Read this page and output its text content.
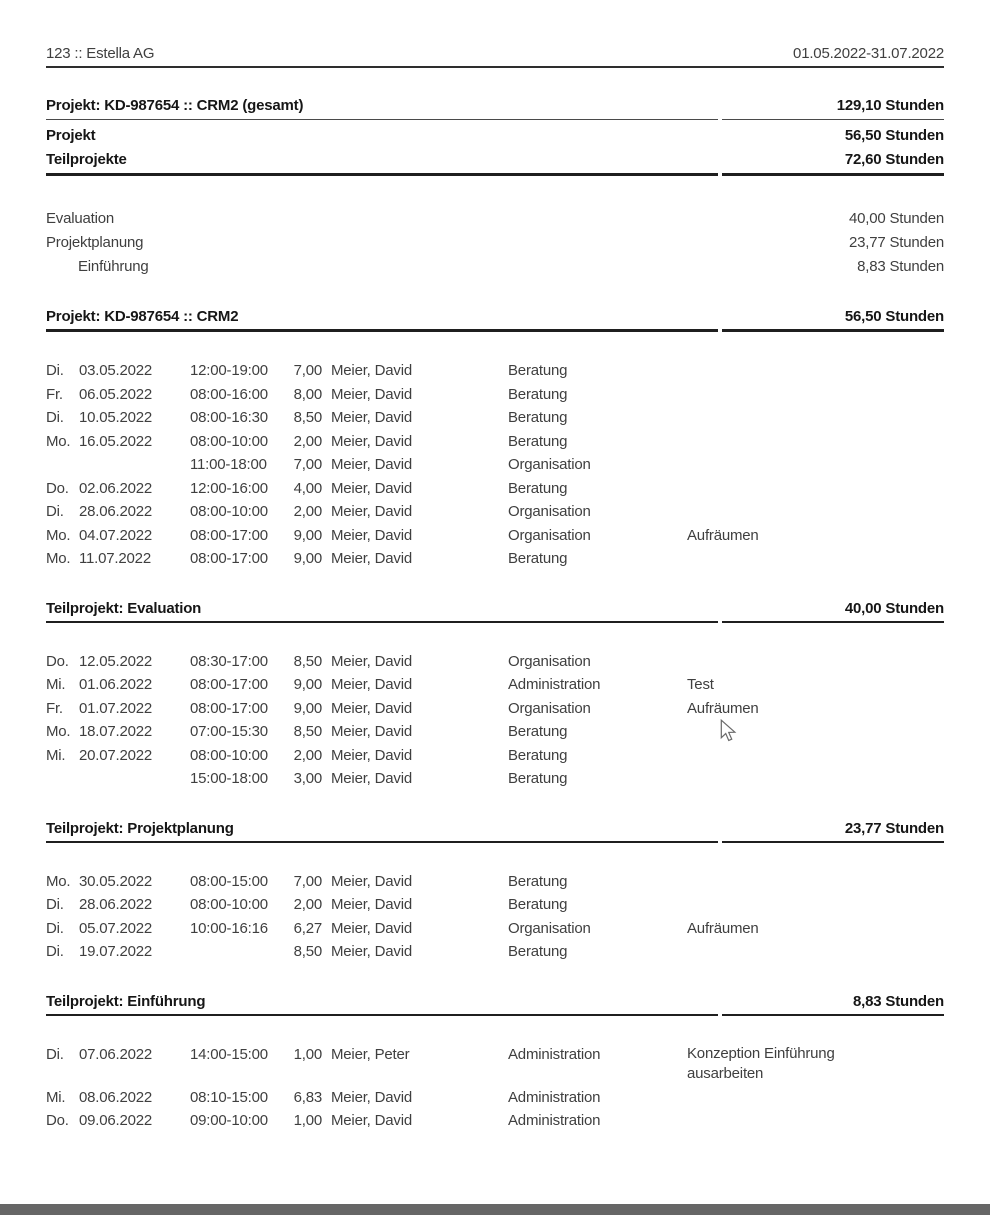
123 :: Estella AG	01.05.2022-31.07.2022
Projekt: KD-987654 :: CRM2 (gesamt)	129,10 Stunden
Projekt	56,50 Stunden
Teilprojekte	72,60 Stunden
Evaluation	40,00 Stunden
Projektplanung	23,77 Stunden
Einführung	8,83 Stunden
Projekt: KD-987654 :: CRM2	56,50 Stunden
Di.	03.05.2022	12:00-19:00	7,00 Meier, David	Beratung
Fr.	06.05.2022	08:00-16:00	8,00 Meier, David	Beratung
Di.	10.05.2022	08:00-16:30	8,50 Meier, David	Beratung
Mo. 16.05.2022	08:00-10:00	2,00 Meier, David	Beratung
11:00-18:00	7,00 Meier, David	Organisation
Do. 02.06.2022	12:00-16:00	4,00 Meier, David	Beratung
Di.	28.06.2022	08:00-10:00	2,00 Meier, David	Organisation
Mo. 04.07.2022	08:00-17:00	9,00 Meier, David	Organisation	Aufräumen
Mo. 11.07.2022	08:00-17:00	9,00 Meier, David	Beratung
Teilprojekt: Evaluation	40,00 Stunden
Do. 12.05.2022	08:30-17:00	8,50 Meier, David	Organisation
Mi. 01.06.2022	08:00-17:00	9,00 Meier, David	Administration	Test
Fr.	01.07.2022	08:00-17:00	9,00 Meier, David	Organisation	Aufräumen
Mo. 18.07.2022	07:00-15:30	8,50 Meier, David	Beratung
Mi. 20.07.2022	08:00-10:00	2,00 Meier, David	Beratung
15:00-18:00	3,00 Meier, David	Beratung
Teilprojekt: Projektplanung	23,77 Stunden
Mo. 30.05.2022	08:00-15:00	7,00 Meier, David	Beratung
Di.	28.06.2022	08:00-10:00	2,00 Meier, David	Beratung
Di.	05.07.2022	10:00-16:16	6,27 Meier, David	Organisation	Aufräumen
Di.	19.07.2022	8,50 Meier, David	Beratung
Teilprojekt: Einführung	8,83 Stunden
Di.	07.06.2022	14:00-15:00	1,00 Meier, Peter	Administration	Konzeption Einführung ausarbeiten
Mi. 08.06.2022	08:10-15:00	6,83 Meier, David	Administration
Do. 09.06.2022	09:00-10:00	1,00 Meier, David	Administration
